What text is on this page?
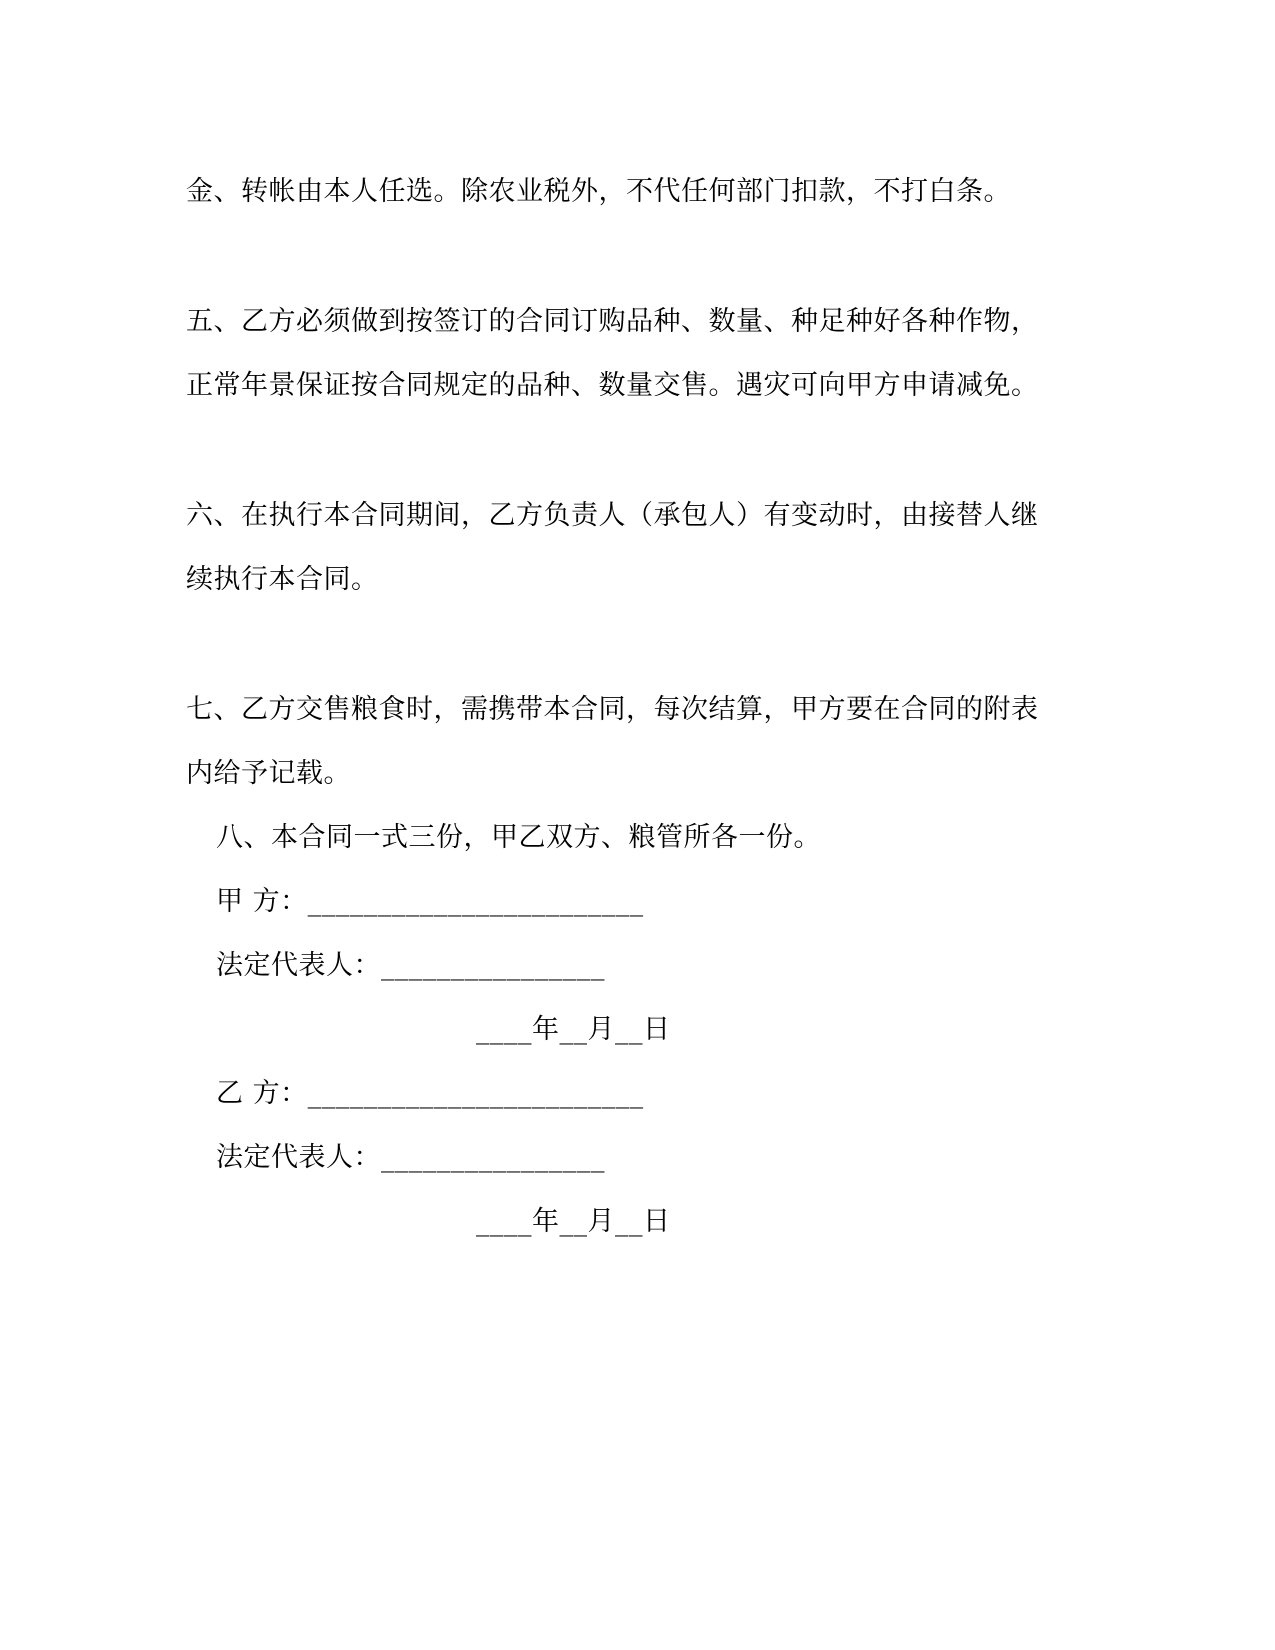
金、转帐由本人任选。除农业税外，不代任何部门扣款，不打白条。
五、乙方必须做到按签订的合同订购品种、数量、种足种好各种作物，
正常年景保证按合同规定的品种、数量交售。遇灾可向甲方申请减免。
六、在执行本合同期间，乙方负责人（承包人）有变动时，由接替人继
续执行本合同。
七、乙方交售粮食时，需携带本合同，每次结算，甲方要在合同的附表
内给予记载。
八、本合同一式三份，甲乙双方、粮管所各一份。
甲 方：________________________
法定代表人：________________
____年__月__日
乙 方：________________________
法定代表人：________________
____年__月__日
